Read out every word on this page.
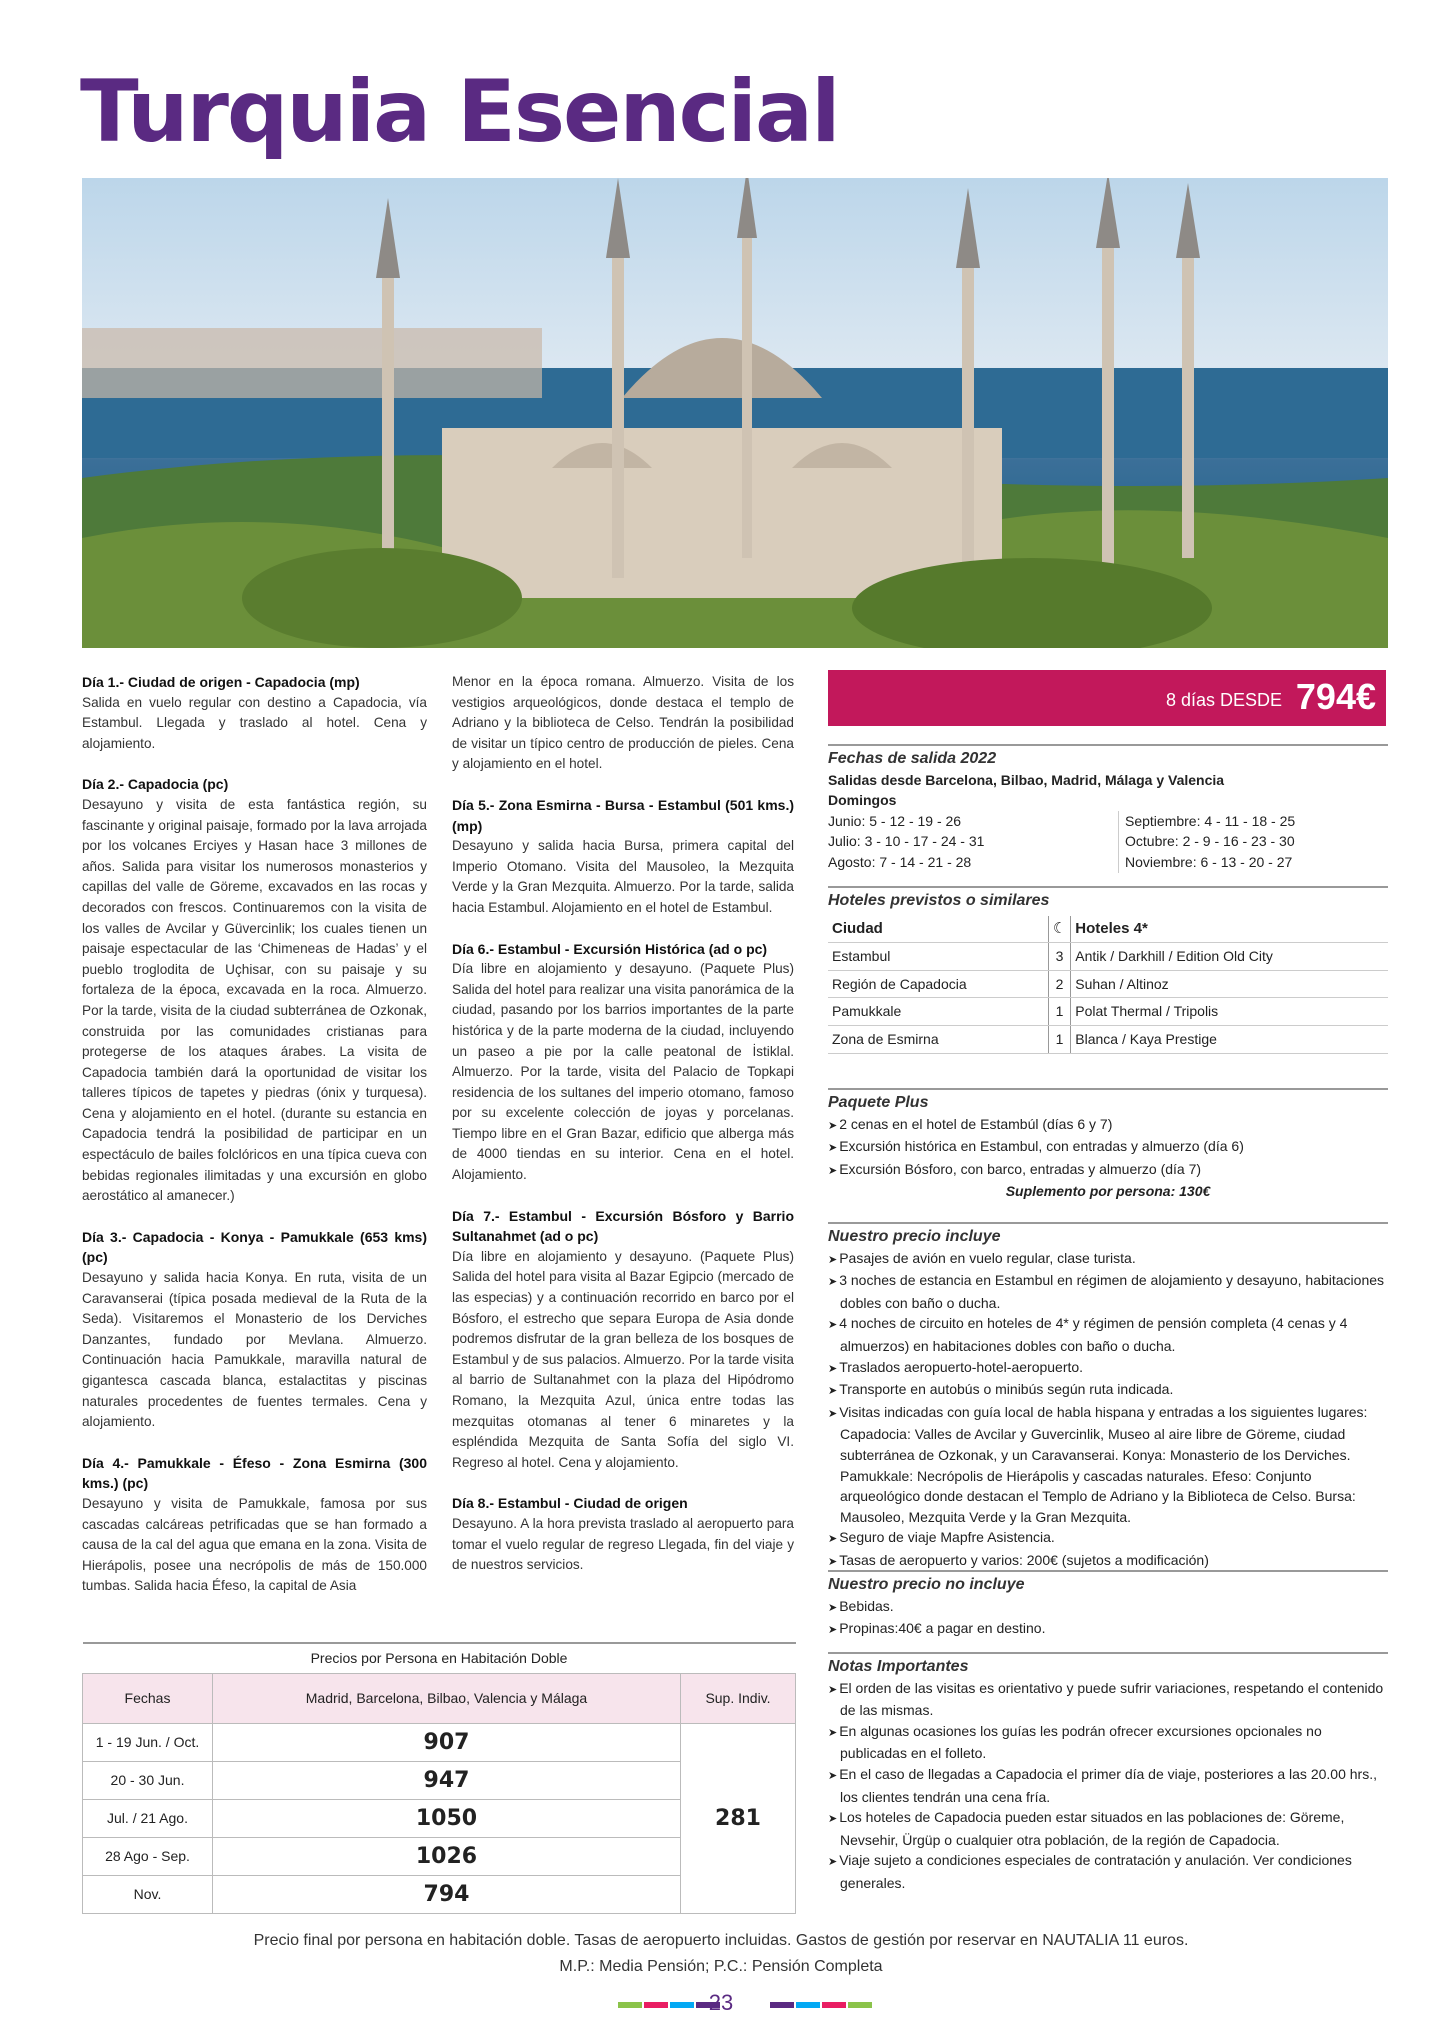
Turquia Esencial
Día 1.- Ciudad de origen - Capadocia (mp)

Salida en vuelo regular con destino a Capadocia, vía Estambul. Llegada y traslado al hotel. Cena y alojamiento.

Día 2.- Capadocia (pc)

Desayuno y visita de esta fantástica región, su fascinante y original paisaje, formado por la lava arrojada por los volcanes Erciyes y Hasan hace 3 millones de años. Salida para visitar los numerosos monasterios y capillas del valle de Göreme, excavados en las rocas y decorados con frescos. Continuaremos con la visita de los valles de Avcilar y Güvercinlik; los cuales tienen un paisaje espectacular de las ‘Chimeneas de Hadas’ y el pueblo troglodita de Uçhisar, con su paisaje y su fortaleza de la época, excavada en la roca. Almuerzo. Por la tarde, visita de la ciudad subterránea de Ozkonak, construida por las comunidades cristianas para protegerse de los ataques árabes. La visita de Capadocia también dará la oportunidad de visitar los talleres típicos de tapetes y piedras (ónix y turquesa). Cena y alojamiento en el hotel. (durante su estancia en Capadocia tendrá la posibilidad de participar en un espectáculo de bailes folclóricos en una típica cueva con bebidas regionales ilimitadas y una excursión en globo aerostático al amanecer.)

Día 3.- Capadocia - Konya - Pamukkale (653 kms) (pc)

Desayuno y salida hacia Konya. En ruta, visita de un Caravanserai (típica posada medieval de la Ruta de la Seda). Visitaremos el Monasterio de los Derviches Danzantes, fundado por Mevlana. Almuerzo. Continuación hacia Pamukkale, maravilla natural de gigantesca cascada blanca, estalactitas y piscinas naturales procedentes de fuentes termales. Cena y alojamiento.

Día 4.- Pamukkale - Éfeso - Zona Esmirna (300 kms.) (pc)

Desayuno y visita de Pamukkale, famosa por sus cascadas calcáreas petrificadas que se han formado a causa de la cal del agua que emana en la zona. Visita de Hierápolis, posee una necrópolis de más de 150.000 tumbas. Salida hacia Éfeso, la capital de Asia

Menor en la época romana. Almuerzo. Visita de los vestigios arqueológicos, donde destaca el templo de Adriano y la biblioteca de Celso. Tendrán la posibilidad de visitar un típico centro de producción de pieles. Cena y alojamiento en el hotel.

Día 5.- Zona Esmirna - Bursa - Estambul (501 kms.) (mp)

Desayuno y salida hacia Bursa, primera capital del Imperio Otomano. Visita del Mausoleo, la Mezquita Verde y la Gran Mezquita. Almuerzo. Por la tarde, salida hacia Estambul. Alojamiento en el hotel de Estambul.

Día 6.- Estambul - Excursión Histórica (ad o pc)

Día libre en alojamiento y desayuno. (Paquete Plus) Salida del hotel para realizar una visita panorámica de la ciudad, pasando por los barrios importantes de la parte histórica y de la parte moderna de la ciudad, incluyendo un paseo a pie por la calle peatonal de İstiklal. Almuerzo. Por la tarde, visita del Palacio de Topkapi residencia de los sultanes del imperio otomano, famoso por su excelente colección de joyas y porcelanas. Tiempo libre en el Gran Bazar, edificio que alberga más de 4000 tiendas en su interior. Cena en el hotel. Alojamiento.

Día 7.- Estambul - Excursión Bósforo y Barrio Sultanahmet (ad o pc)

Día libre en alojamiento y desayuno. (Paquete Plus) Salida del hotel para visita al Bazar Egipcio (mercado de las especias) y a continuación recorrido en barco por el Bósforo, el estrecho que separa Europa de Asia donde podremos disfrutar de la gran belleza de los bosques de Estambul y de sus palacios. Almuerzo. Por la tarde visita al barrio de Sultanahmet con la plaza del Hipódromo Romano, la Mezquita Azul, única entre todas las mezquitas otomanas al tener 6 minaretes y la espléndida Mezquita de Santa Sofía del siglo VI. Regreso al hotel. Cena y alojamiento.

Día 8.- Estambul - Ciudad de origen

Desayuno. A la hora prevista traslado al aeropuerto para tomar el vuelo regular de regreso Llegada, fin del viaje y de nuestros servicios.

8 días DESDE 794€
Fechas de salida 2022
Salidas desde Barcelona, Bilbao, Madrid, Málaga y Valencia
Domingos
Junio: 5 - 12 - 19 - 26
Julio: 3 - 10 - 17 - 24 - 31
Agosto: 7 - 14 - 21 - 28
Septiembre: 4 - 11 - 18 - 25
Octubre: 2 - 9 - 16 - 23 - 30
Noviembre: 6 - 13 - 20 - 27
Hoteles previstos o similares
Ciudad	☾	Hoteles 4*
Estambul	3	Antik / Darkhill / Edition Old City
Región de Capadocia	2	Suhan / Altinoz
Pamukkale	1	Polat Thermal / Tripolis
Zona de Esmirna	1	Blanca / Kaya Prestige
Paquete Plus
➤ 2 cenas en el hotel de Estambúl (días 6 y 7)
➤ Excursión histórica en Estambul, con entradas y almuerzo (día 6)
➤ Excursión Bósforo, con barco, entradas y almuerzo (día 7)
Suplemento por persona: 130€
Nuestro precio incluye
➤ Pasajes de avión en vuelo regular, clase turista.
➤ 3 noches de estancia en Estambul en régimen de alojamiento y desayuno, habitaciones dobles con baño o ducha.
➤ 4 noches de circuito en hoteles de 4* y régimen de pensión completa (4 cenas y 4 almuerzos) en habitaciones dobles con baño o ducha.
➤ Traslados aeropuerto-hotel-aeropuerto.
➤ Transporte en autobús o minibús según ruta indicada.
➤ Visitas indicadas con guía local de habla hispana y entradas a los siguientes lugares: Capadocia: Valles de Avcilar y Guvercinlik, Museo al aire libre de Göreme, ciudad subterránea de Ozkonak, y un Caravanserai. Konya: Monasterio de los Derviches. Pamukkale: Necrópolis de Hierápolis y cascadas naturales. Efeso: Conjunto arqueológico donde destacan el Templo de Adriano y la Biblioteca de Celso. Bursa: Mausoleo, Mezquita Verde y la Gran Mezquita.
➤ Seguro de viaje Mapfre Asistencia.
➤ Tasas de aeropuerto y varios: 200€ (sujetos a modificación)
Nuestro precio no incluye
➤ Bebidas.
➤ Propinas:40€ a pagar en destino.
Notas Importantes
➤ El orden de las visitas es orientativo y puede sufrir variaciones, respetando el contenido de las mismas.
➤ En algunas ocasiones los guías les podrán ofrecer excursiones opcionales no publicadas en el folleto.
➤ En el caso de llegadas a Capadocia el primer día de viaje, posteriores a las 20.00 hrs., los clientes tendrán una cena fría.
➤ Los hoteles de Capadocia pueden estar situados en las poblaciones de: Göreme, Nevsehir, Ürgüp o cualquier otra población, de la región de Capadocia.
➤ Viaje sujeto a condiciones especiales de contratación y anulación. Ver condiciones generales.
Precios por Persona en Habitación Doble		
Fechas	Madrid, Barcelona, Bilbao, Valencia y Málaga	Sup. Indiv.
1 - 19 Jun. / Oct.	907	281
20 - 30 Jun.	947	
Jul. / 21 Ago.	1050	
28 Ago - Sep.	1026	
Nov.	794	
Precio final por persona en habitación doble. Tasas de aeropuerto incluidas. Gastos de gestión por reservar en NAUTALIA 11 euros.
M.P.: Media Pensión; P.C.: Pensión Completa
23
